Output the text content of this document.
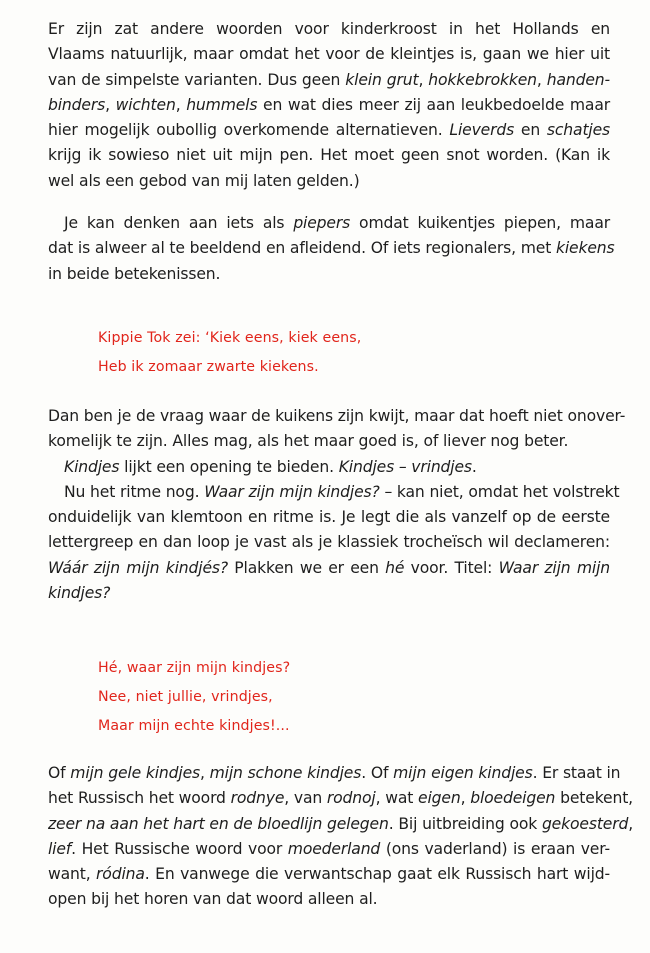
Er zijn zat andere woorden voor kinderkroost in het Hollands en
Vlaams natuurlijk, maar omdat het voor de kleintjes is, gaan we hier uit
van de simpelste varianten. Dus geen klein grut, hokkebrokken, handen-
binders, wichten, hummels en wat dies meer zij aan leukbedoelde maar
hier mogelijk oubollig overkomende alternatieven. Lieverds en schatjes
krijg ik sowieso niet uit mijn pen. Het moet geen snot worden. (Kan ik
wel als een gebod van mij laten gelden.)
Je kan denken aan iets als piepers omdat kuikentjes piepen, maar
dat is alweer al te beeldend en afleidend. Of iets regionalers, met kiekens
in beide betekenissen.
Kippie Tok zei: ‘Kiek eens, kiek eens,
Heb ik zomaar zwarte kiekens.
Dan ben je de vraag waar de kuikens zijn kwijt, maar dat hoeft niet onover-
komelijk te zijn. Alles mag, als het maar goed is, of liever nog beter.
Kindjes lijkt een opening te bieden. Kindjes – vrindjes.
Nu het ritme nog. Waar zijn mijn kindjes? – kan niet, omdat het volstrekt
onduidelijk van klemtoon en ritme is. Je legt die als vanzelf op de eerste
lettergreep en dan loop je vast als je klassiek trocheïsch wil declameren:
Wáár zijn mijn kindjés? Plakken we er een hé voor. Titel: Waar zijn mijn
kindjes?
Hé, waar zijn mijn kindjes?
Nee, niet jullie, vrindjes,
Maar mijn echte kindjes!...
Of mijn gele kindjes, mijn schone kindjes. Of mijn eigen kindjes. Er staat in
het Russisch het woord rodnye, van rodnoj, wat eigen, bloedeigen betekent,
zeer na aan het hart en de bloedlijn gelegen. Bij uitbreiding ook gekoesterd,
lief. Het Russische woord voor moederland (ons vaderland) is eraan ver-
want, ródina. En vanwege die verwantschap gaat elk Russisch hart wijd-
open bij het horen van dat woord alleen al.
